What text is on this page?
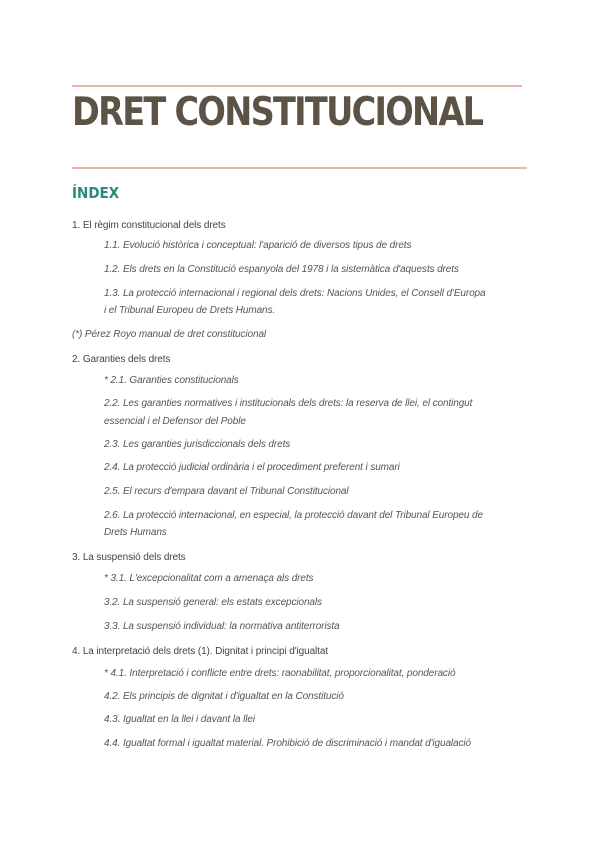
DRET CONSTITUCIONAL
ÍNDEX
1. El règim constitucional dels drets
1.1. Evolució històrica i conceptual: l'aparició de diversos tipus de drets
1.2. Els drets en la Constitució espanyola del 1978 i la sistemàtica d'aquests drets
1.3. La protecció internacional i regional dels drets: Nacions Unides, el Consell d'Europa
i el Tribunal Europeu de Drets Humans.
(*) Pérez Royo manual de dret constitucional
2. Garanties dels drets
* 2.1. Garanties constitucionals
2.2. Les garanties normatives i institucionals dels drets: la reserva de llei, el contingut
essencial i el Defensor del Poble
2.3. Les garanties jurisdiccionals dels drets
2.4. La protecció judicial ordinària i el procediment preferent i sumari
2.5. El recurs d'empara davant el Tribunal Constitucional
2.6. La protecció internacional, en especial, la protecció davant del Tribunal Europeu de
Drets Humans
3. La suspensió dels drets
* 3.1. L'excepcionalitat com a amenaça als drets
3.2. La suspensió general: els estats excepcionals
3.3. La suspensió individual: la normativa antiterrorista
4. La interpretació dels drets (1). Dignitat i principi d'igualtat
* 4.1. Interpretació i conflicte entre drets: raonabilitat, proporcionalitat, ponderació
4.2. Els principis de dignitat i d'igualtat en la Constitució
4.3. Igualtat en la llei i davant la llei
4.4. Igualtat formal i igualtat material. Prohibició de discriminació i mandat d'igualació
